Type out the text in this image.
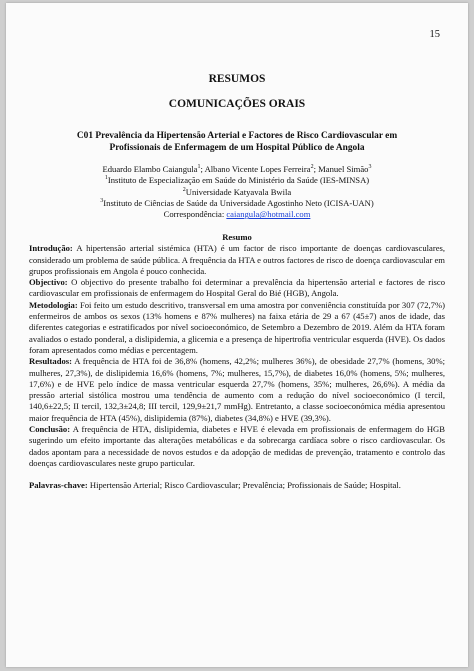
15
RESUMOS
COMUNICAÇÕES ORAIS
C01 Prevalência da Hipertensão Arterial e Factores de Risco Cardiovascular em Profissionais de Enfermagem de um Hospital Público de Angola

Eduardo Elambo Caiangula$^1$; Albano Vicente Lopes Ferreira$^2$; Manuel Simão$^3$

$^1$Instituto de Especialização em Saúde do Ministério da Saúde (IES-MINSA)

$^2$Universidade Katyavala Bwila

$^3$Instituto de Ciências de Saúde da Universidade Agostinho Neto (ICISA-UAN)

Correspondência: caiangula@hotmail.com

Resumo

Introdução: A hipertensão arterial sistémica (HTA) é um factor de risco importante de doenças cardiovasculares, considerado um problema de saúde pública. A frequência da HTA e outros factores de risco de doença cardiovascular em grupos profissionais em Angola é pouco conhecida.

Objectivo: O objectivo do presente trabalho foi determinar a prevalência da hipertensão arterial e factores de risco cardiovascular em profissionais de enfermagem do Hospital Geral do Bié (HGB), Angola.

Metodologia: Foi feito um estudo descritivo, transversal em uma amostra por conveniência constituída por 307 (72,7%) enfermeiros de ambos os sexos (13% homens e 87% mulheres) na faixa etária de 29 a 67 (45±7) anos de idade, das diferentes categorias e estratificados por nível socioeconómico, de Setembro a Dezembro de 2019. Além da HTA foram avaliados o estado ponderal, a dislipidemia, a glicemia e a presença de hipertrofia ventricular esquerda (HVE). Os dados foram apresentados como médias e percentagem.

Resultados: A frequência de HTA foi de 36,8% (homens, 42,2%; mulheres 36%), de obesidade 27,7% (homens, 30%; mulheres, 27,3%), de dislipidemia 16,6% (homens, 7%; mulheres, 15,7%), de diabetes 16,0% (homens, 5%; mulheres, 17,6%) e de HVE pelo índice de massa ventricular esquerda 27,7% (homens, 35%; mulheres, 26,6%). A média da pressão arterial sistólica mostrou uma tendência de aumento com a redução do nível socioeconómico (I tercil, 140,6±22,5; II tercil, 132,3±24,8; III tercil, 129,9±21,7 mmHg). Entretanto, a classe socioeconómica média apresentou maior frequência de HTA (45%), dislipidemia (87%), diabetes (34,8%) e HVE (39,3%).

Conclusão: A frequência de HTA, dislipidemia, diabetes e HVE é elevada em profissionais de enfermagem do HGB sugerindo um efeito importante das alterações metabólicas e da sobrecarga cardíaca sobre o risco cardiovascular. Os dados apontam para a necessidade de novos estudos e da adopção de medidas de prevenção, tratamento e controlo das doenças cardiovasculares neste grupo particular.

Palavras-chave: Hipertensão Arterial; Risco Cardiovascular; Prevalência; Profissionais de Saúde; Hospital.
